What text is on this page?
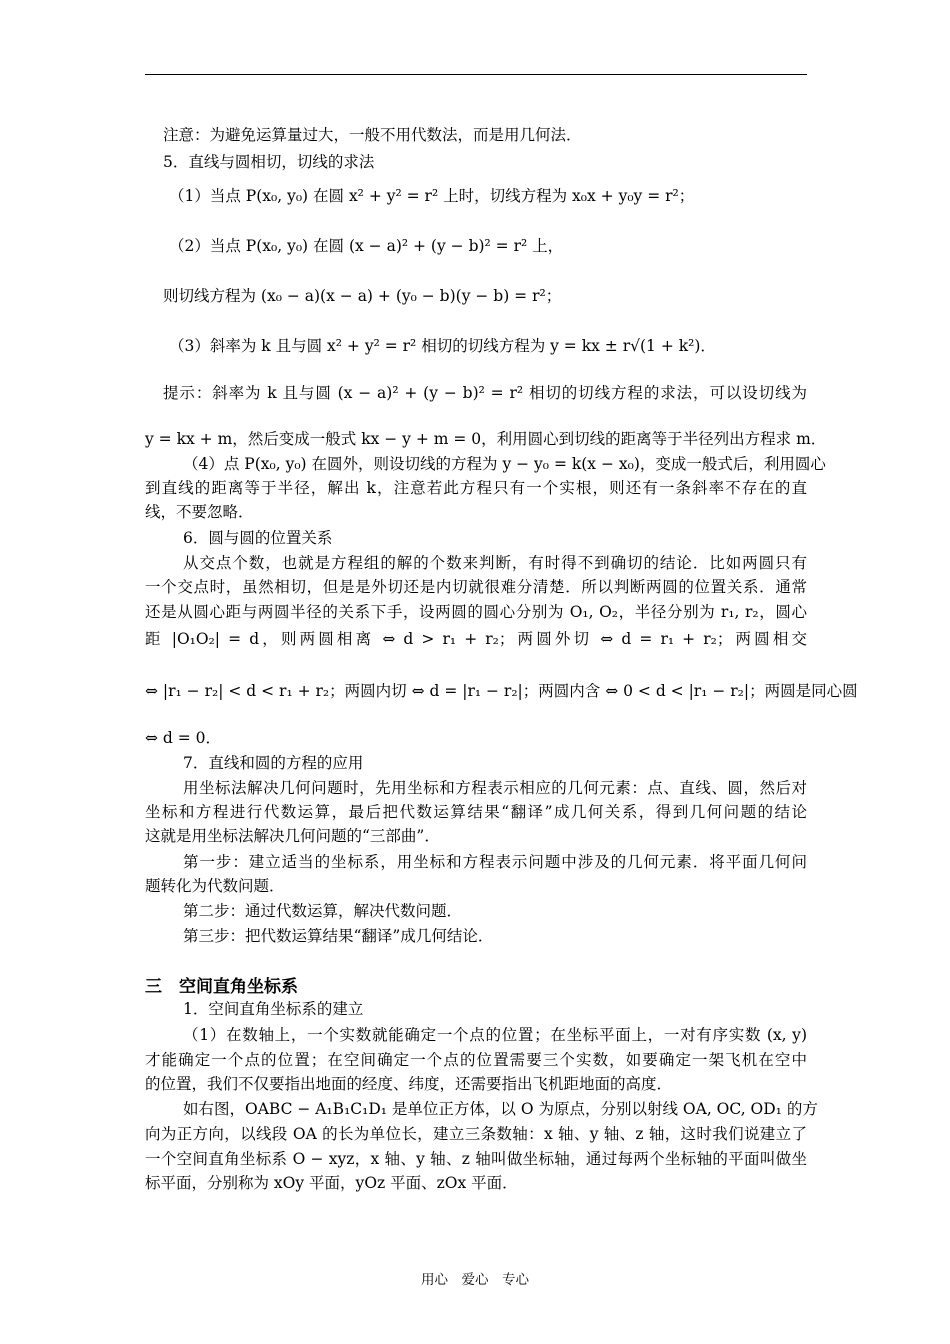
注意：为避免运算量过大，一般不用代数法，而是用几何法．
5．直线与圆相切，切线的求法
（1）当点 P(x₀, y₀) 在圆 x² + y² = r² 上时，切线方程为 x₀x + y₀y = r²；
（2）当点 P(x₀, y₀) 在圆 (x − a)² + (y − b)² = r² 上，
则切线方程为 (x₀ − a)(x − a) + (y₀ − b)(y − b) = r²；
（3）斜率为 k 且与圆 x² + y² = r² 相切的切线方程为 y = kx ± r√(1 + k²)．
提示：斜率为 k 且与圆 (x − a)² + (y − b)² = r² 相切的切线方程的求法，可以设切线为
y = kx + m，然后变成一般式 kx − y + m = 0，利用圆心到切线的距离等于半径列出方程求 m．
（4）点 P(x₀, y₀) 在圆外，则设切线的方程为 y − y₀ = k(x − x₀)，变成一般式后，利用圆心
到直线的距离等于半径，解出 k，注意若此方程只有一个实根，则还有一条斜率不存在的直
线，不要忽略．
6．圆与圆的位置关系
从交点个数，也就是方程组的解的个数来判断，有时得不到确切的结论．比如两圆只有
一个交点时，虽然相切，但是是外切还是内切就很难分清楚．所以判断两圆的位置关系．通常
还是从圆心距与两圆半径的关系下手，设两圆的圆心分别为 O₁, O₂，半径分别为 r₁, r₂，圆心
距 |O₁O₂| = d，则两圆相离 ⇔ d > r₁ + r₂；两圆外切 ⇔ d = r₁ + r₂；两圆相交
⇔ |r₁ − r₂| < d < r₁ + r₂；两圆内切 ⇔ d = |r₁ − r₂|；两圆内含 ⇔ 0 < d < |r₁ − r₂|；两圆是同心圆
⇔ d = 0．
7．直线和圆的方程的应用
用坐标法解决几何问题时，先用坐标和方程表示相应的几何元素：点、直线、圆，然后对
坐标和方程进行代数运算，最后把代数运算结果“翻译”成几何关系，得到几何问题的结论
这就是用坐标法解决几何问题的“三部曲”．
第一步：建立适当的坐标系，用坐标和方程表示问题中涉及的几何元素．将平面几何问
题转化为代数问题．
第二步：通过代数运算，解决代数问题．
第三步：把代数运算结果“翻译”成几何结论．
三　空间直角坐标系
1．空间直角坐标系的建立
（1）在数轴上，一个实数就能确定一个点的位置；在坐标平面上，一对有序实数 (x, y)
才能确定一个点的位置；在空间确定一个点的位置需要三个实数，如要确定一架飞机在空中
的位置，我们不仅要指出地面的经度、纬度，还需要指出飞机距地面的高度．
如右图，OABC − A₁B₁C₁D₁ 是单位正方体，以 O 为原点，分别以射线 OA, OC, OD₁ 的方
向为正方向，以线段 OA 的长为单位长，建立三条数轴：x 轴、y 轴、z 轴，这时我们说建立了
一个空间直角坐标系 O − xyz，x 轴、y 轴、z 轴叫做坐标轴，通过每两个坐标轴的平面叫做坐
标平面，分别称为 xOy 平面，yOz 平面、zOx 平面．
用心　爱心　专心
